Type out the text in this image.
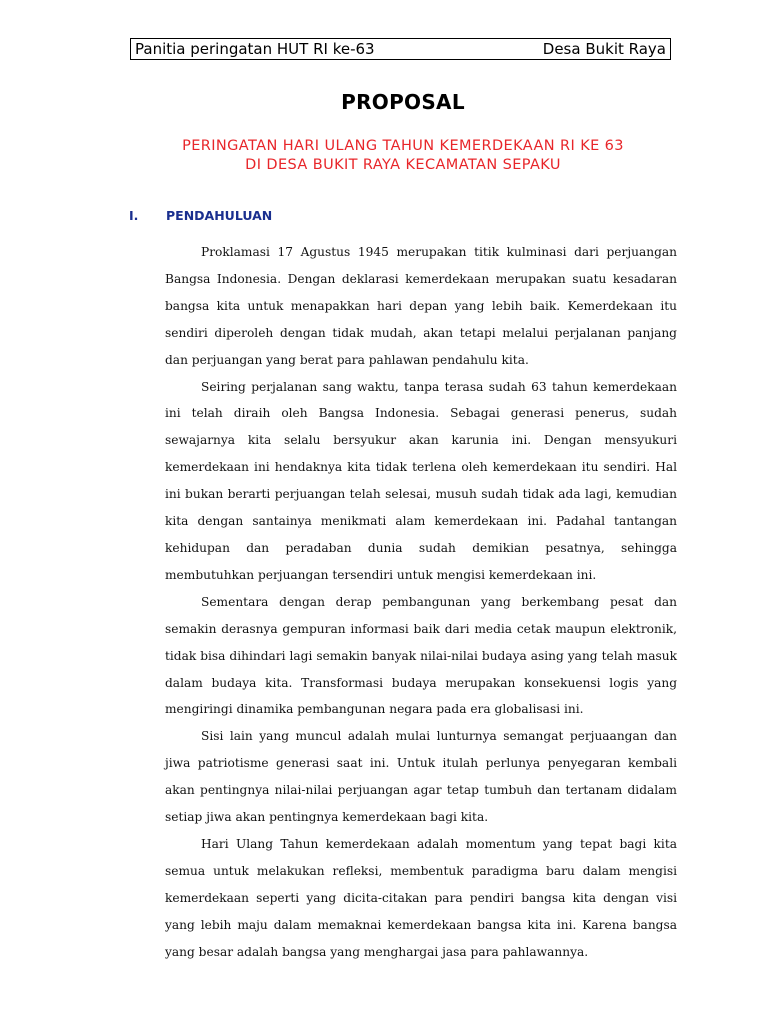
Panitia peringatan HUT RI ke-63	Desa Bukit Raya
PROPOSAL
PERINGATAN HARI ULANG TAHUN KEMERDEKAAN RI KE 63
DI DESA BUKIT RAYA KECAMATAN SEPAKU
I. PENDAHULUAN

Proklamasi 17 Agustus 1945 merupakan titik kulminasi dari perjuangan Bangsa Indonesia. Dengan deklarasi kemerdekaan merupakan suatu kesadaran bangsa kita untuk menapakkan hari depan yang lebih baik. Kemerdekaan itu sendiri diperoleh dengan tidak mudah, akan tetapi melalui perjalanan panjang dan perjuangan yang berat para pahlawan pendahulu kita.

Seiring perjalanan sang waktu, tanpa terasa sudah 63 tahun kemerdekaan ini telah diraih oleh Bangsa Indonesia. Sebagai generasi penerus, sudah sewajarnya kita selalu bersyukur akan karunia ini. Dengan mensyukuri kemerdekaan ini hendaknya kita tidak terlena oleh kemerdekaan itu sendiri. Hal ini bukan berarti perjuangan telah selesai, musuh sudah tidak ada lagi, kemudian kita dengan santainya menikmati alam kemerdekaan ini. Padahal tantangan kehidupan dan peradaban dunia sudah demikian pesatnya, sehingga membutuhkan perjuangan tersendiri untuk mengisi kemerdekaan ini.

Sementara dengan derap pembangunan yang berkembang pesat dan semakin derasnya gempuran informasi baik dari media cetak maupun elektronik, tidak bisa dihindari lagi semakin banyak nilai-nilai budaya asing yang telah masuk dalam budaya kita. Transformasi budaya merupakan konsekuensi logis yang mengiringi dinamika pembangunan negara pada era globalisasi ini.

Sisi lain yang muncul adalah mulai lunturnya semangat perjuaangan dan jiwa patriotisme generasi saat ini. Untuk itulah perlunya penyegaran kembali akan pentingnya nilai-nilai perjuangan agar tetap tumbuh dan tertanam didalam setiap jiwa akan pentingnya kemerdekaan bagi kita.

Hari Ulang Tahun kemerdekaan adalah momentum yang tepat bagi kita semua untuk melakukan refleksi, membentuk paradigma baru dalam mengisi kemerdekaan seperti yang dicita-citakan para pendiri bangsa kita dengan visi yang lebih maju dalam memaknai kemerdekaan bangsa kita ini. Karena bangsa yang besar adalah bangsa yang menghargai jasa para pahlawannya.
